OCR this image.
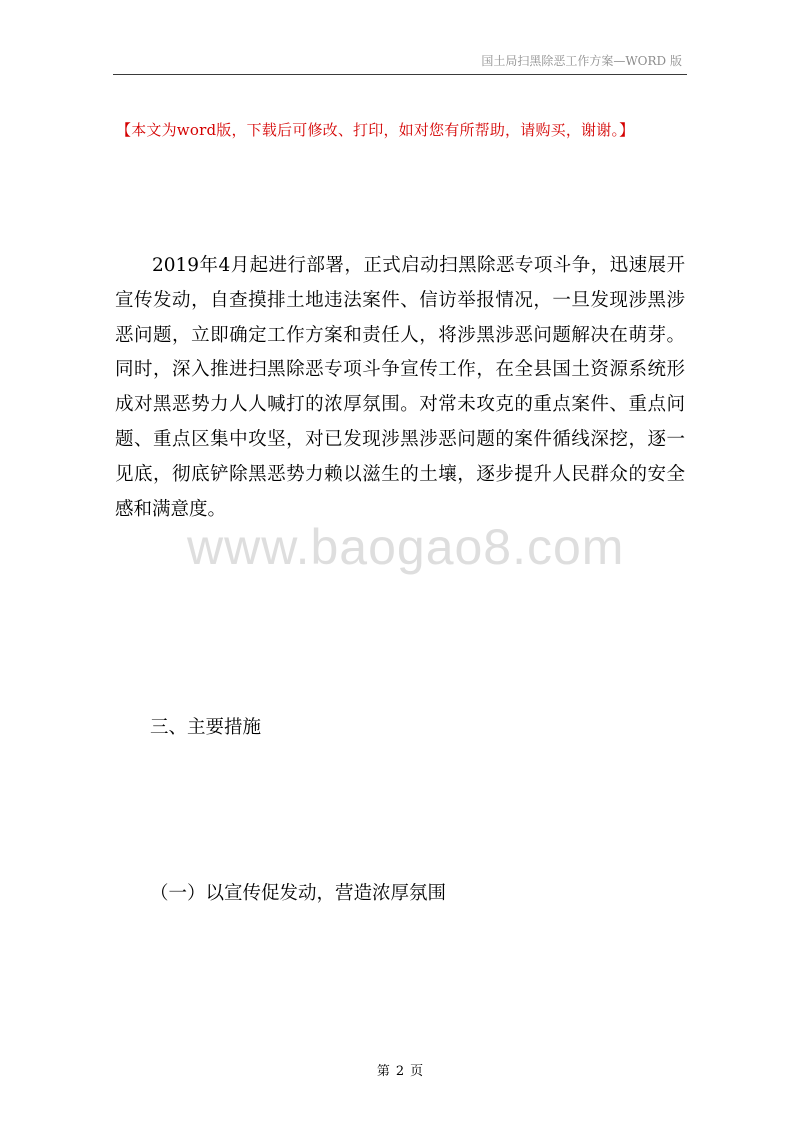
国土局扫黑除恶工作方案—WORD 版
【本文为word版，下载后可修改、打印，如对您有所帮助，请购买，谢谢。】

2019年4月起进行部署，正式启动扫黑除恶专项斗争，迅速展开宣传发动，自查摸排土地违法案件、信访举报情况，一旦发现涉黑涉恶问题，立即确定工作方案和责任人，将涉黑涉恶问题解决在萌芽。同时，深入推进扫黑除恶专项斗争宣传工作，在全县国土资源系统形成对黑恶势力人人喊打的浓厚氛围。对常未攻克的重点案件、重点问题、重点区集中攻坚，对已发现涉黑涉恶问题的案件循线深挖，逐一见底，彻底铲除黑恶势力赖以滋生的土壤，逐步提升人民群众的安全感和满意度。

www.baogao8.com
三、主要措施
（一）以宣传促发动，营造浓厚氛围
第 2 页
